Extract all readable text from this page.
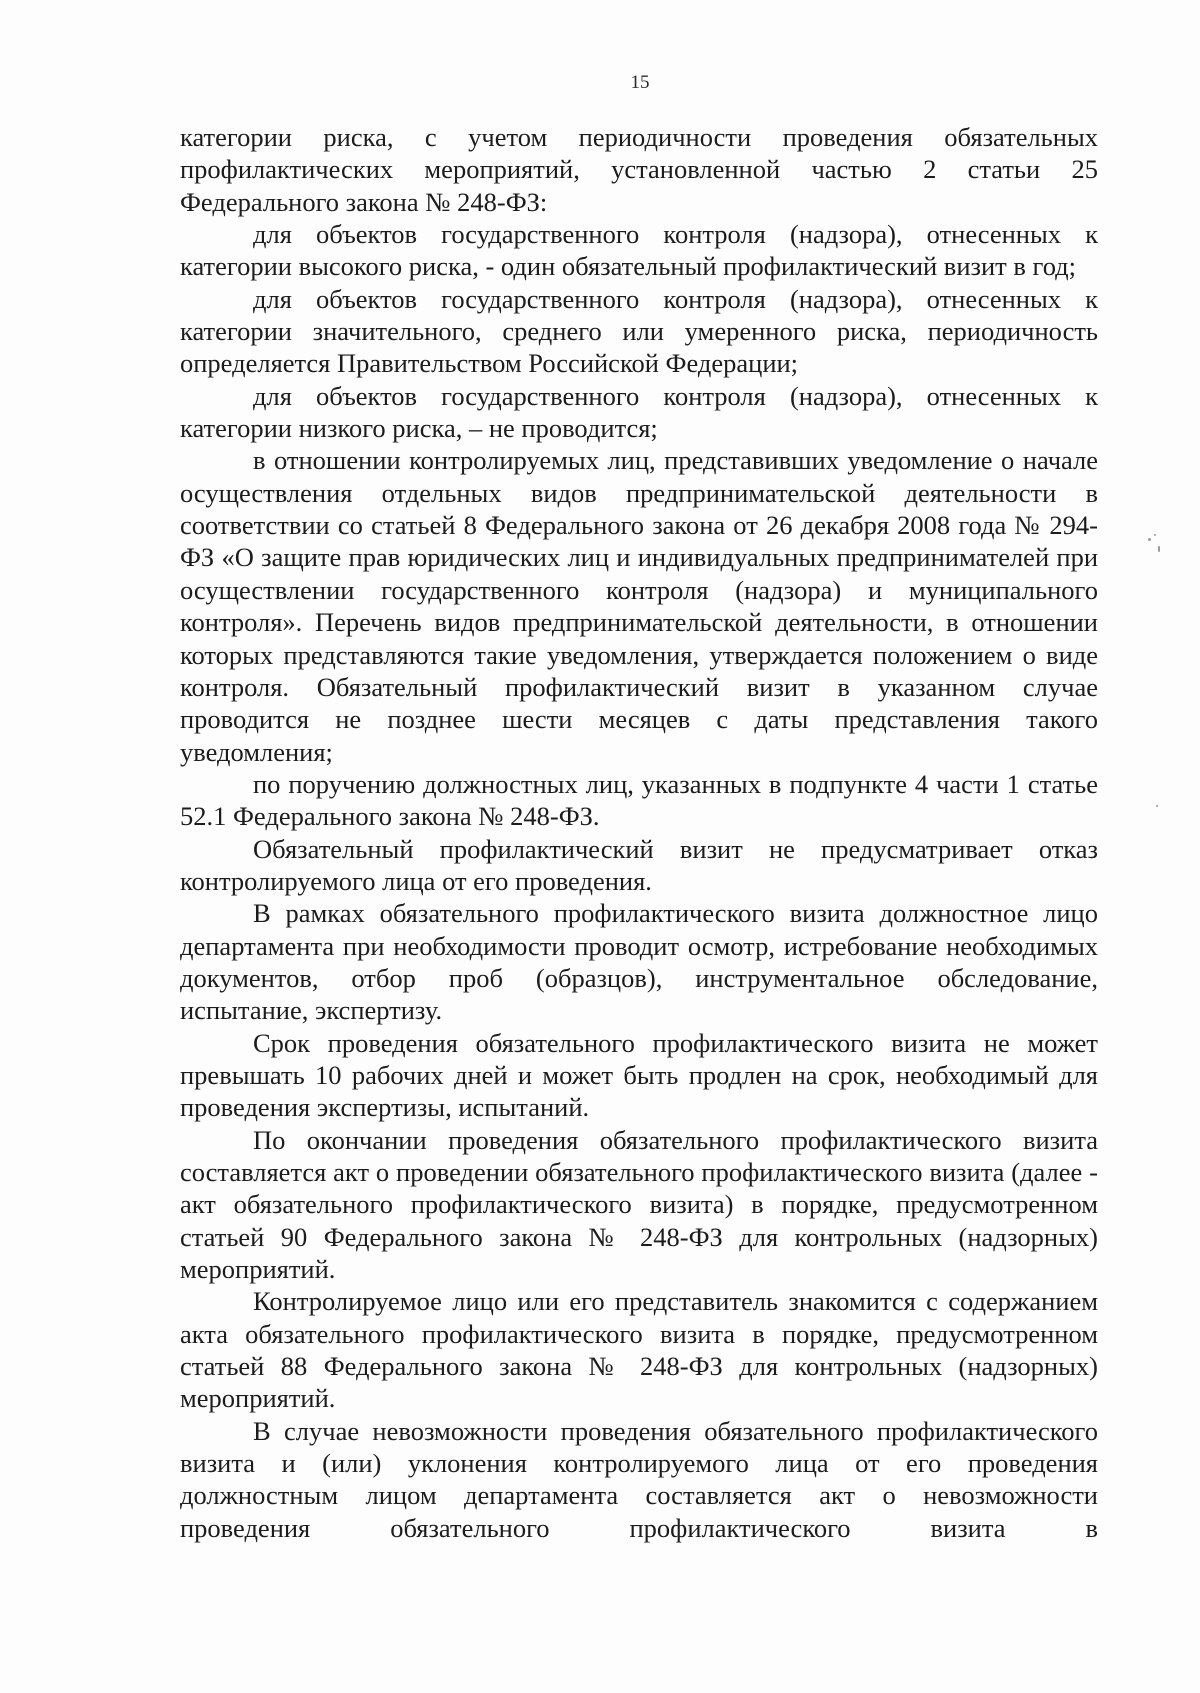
15

категории риска, с учетом периодичности проведения обязательных профилактических мероприятий, установленной частью 2 статьи 25 Федерального закона № 248-ФЗ:

для объектов государственного контроля (надзора), отнесенных к категории высокого риска, - один обязательный профилактический визит в год;

для объектов государственного контроля (надзора), отнесенных к категории значительного, среднего или умеренного риска, периодичность определяется Правительством Российской Федерации;

для объектов государственного контроля (надзора), отнесенных к категории низкого риска, – не проводится;

в отношении контролируемых лиц, представивших уведомление о начале осуществления отдельных видов предпринимательской деятельности в соответствии со статьей 8 Федерального закона от 26 декабря 2008 года № 294-ФЗ «О защите прав юридических лиц и индивидуальных предпринимателей при осуществлении государственного контроля (надзора) и муниципального контроля». Перечень видов предпринимательской деятельности, в отношении которых представляются такие уведомления, утверждается положением о виде контроля. Обязательный профилактический визит в указанном случае проводится не позднее шести месяцев с даты представления такого уведомления;

по поручению должностных лиц, указанных в подпункте 4 части 1 статье 52.1 Федерального закона № 248-ФЗ.

Обязательный профилактический визит не предусматривает отказ контролируемого лица от его проведения.

В рамках обязательного профилактического визита должностное лицо департамента при необходимости проводит осмотр, истребование необходимых документов, отбор проб (образцов), инструментальное обследование, испытание, экспертизу.

Срок проведения обязательного профилактического визита не может превышать 10 рабочих дней и может быть продлен на срок, необходимый для проведения экспертизы, испытаний.

По окончании проведения обязательного профилактического визита составляется акт о проведении обязательного профилактического визита (далее - акт обязательного профилактического визита) в порядке, предусмотренном статьей 90 Федерального закона № 248-ФЗ для контрольных (надзорных) мероприятий.

Контролируемое лицо или его представитель знакомится с содержанием акта обязательного профилактического визита в порядке, предусмотренном статьей 88 Федерального закона № 248-ФЗ для контрольных (надзорных) мероприятий.

В случае невозможности проведения обязательного профилактического визита и (или) уклонения контролируемого лица от его проведения должностным лицом департамента составляется акт о невозможности проведения обязательного профилактического визита в
